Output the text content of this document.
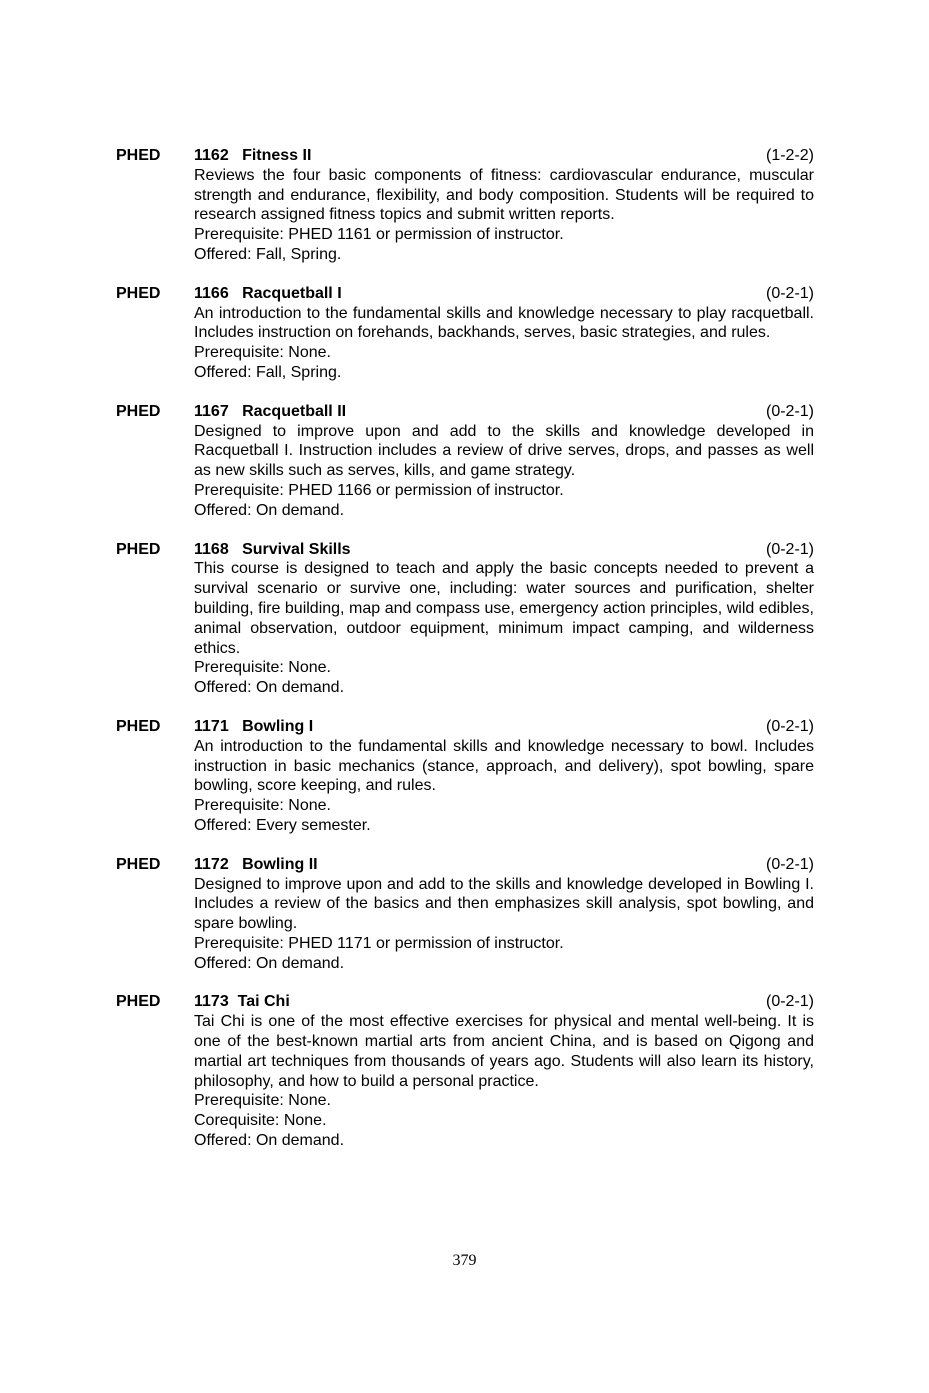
PHED 1162 Fitness II	(1-2-2)

Reviews the four basic components of fitness: cardiovascular endurance, muscular strength and endurance, flexibility, and body composition. Students will be required to research assigned fitness topics and submit written reports.

Prerequisite: PHED 1161 or permission of instructor.

Offered: Fall, Spring.

PHED 1166 Racquetball I	(0-2-1)

An introduction to the fundamental skills and knowledge necessary to play racquetball. Includes instruction on forehands, backhands, serves, basic strategies, and rules.

Prerequisite: None.

Offered: Fall, Spring.

PHED 1167 Racquetball II	(0-2-1)

Designed to improve upon and add to the skills and knowledge developed in Racquetball I. Instruction includes a review of drive serves, drops, and passes as well as new skills such as serves, kills, and game strategy.

Prerequisite: PHED 1166 or permission of instructor.

Offered: On demand.

PHED 1168 Survival Skills	(0-2-1)

This course is designed to teach and apply the basic concepts needed to prevent a survival scenario or survive one, including: water sources and purification, shelter building, fire building, map and compass use, emergency action principles, wild edibles, animal observation, outdoor equipment, minimum impact camping, and wilderness ethics.

Prerequisite: None.

Offered: On demand.

PHED 1171 Bowling I	(0-2-1)

An introduction to the fundamental skills and knowledge necessary to bowl. Includes instruction in basic mechanics (stance, approach, and delivery), spot bowling, spare bowling, score keeping, and rules.

Prerequisite: None.

Offered: Every semester.

PHED 1172 Bowling II	(0-2-1)

Designed to improve upon and add to the skills and knowledge developed in Bowling I. Includes a review of the basics and then emphasizes skill analysis, spot bowling, and spare bowling.

Prerequisite: PHED 1171 or permission of instructor.

Offered: On demand.

PHED 1173 Tai Chi	(0-2-1)

Tai Chi is one of the most effective exercises for physical and mental well-being. It is one of the best-known martial arts from ancient China, and is based on Qigong and martial art techniques from thousands of years ago. Students will also learn its history, philosophy, and how to build a personal practice.

Prerequisite: None.

Corequisite: None.

Offered: On demand.

379
